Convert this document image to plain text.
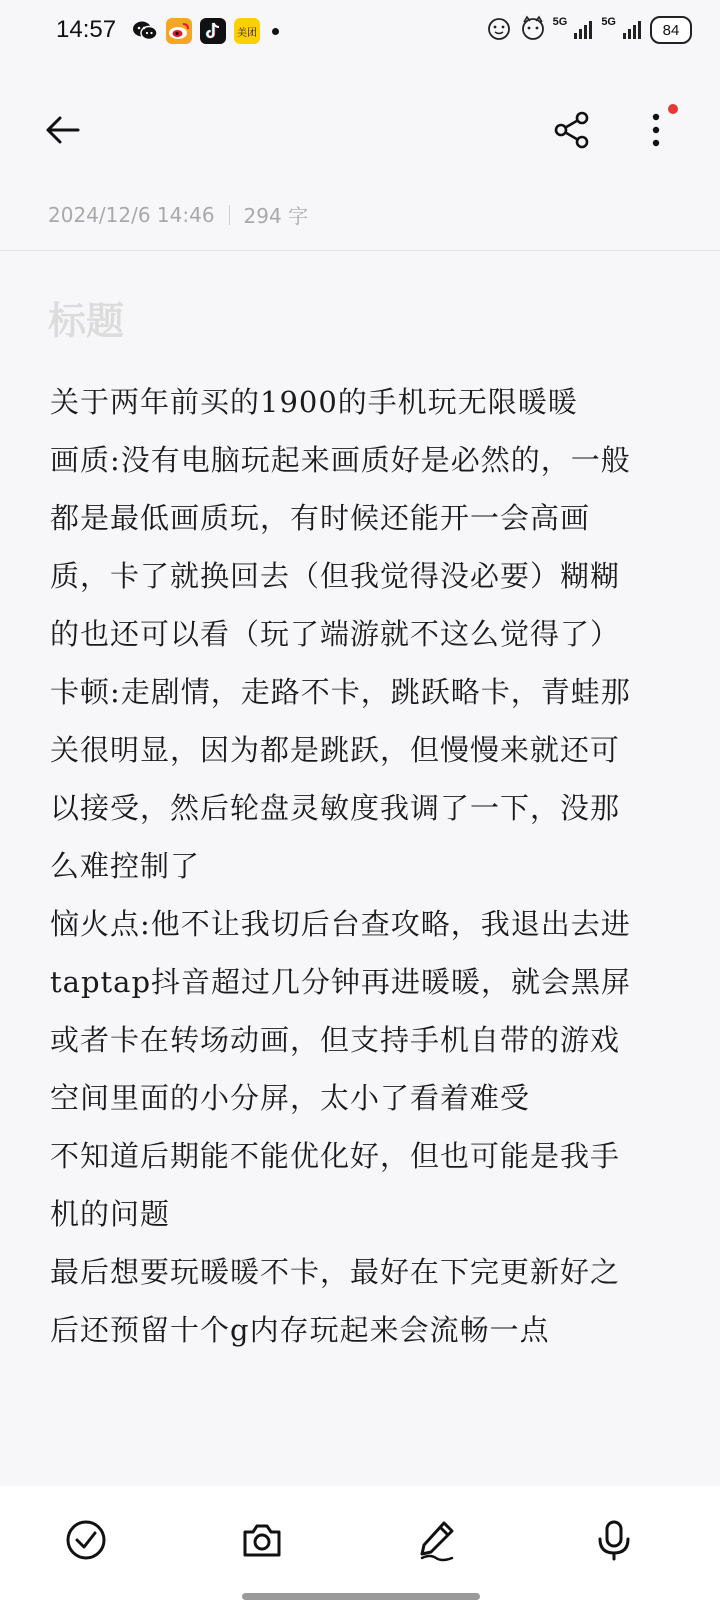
14:57	美团
5G	5G	84
2024/12/6 14:46 294 字
标题
关于两年前买的1900的手机玩无限暖暖
画质:没有电脑玩起来画质好是必然的，一般
都是最低画质玩，有时候还能开一会高画
质，卡了就换回去（但我觉得没必要）糊糊
的也还可以看（玩了端游就不这么觉得了）
卡顿:走剧情，走路不卡，跳跃略卡，青蛙那
关很明显，因为都是跳跃，但慢慢来就还可
以接受，然后轮盘灵敏度我调了一下，没那
么难控制了
恼火点:他不让我切后台查攻略，我退出去进
taptap抖音超过几分钟再进暖暖，就会黑屏
或者卡在转场动画，但支持手机自带的游戏
空间里面的小分屏，太小了看着难受
不知道后期能不能优化好，但也可能是我手
机的问题
最后想要玩暖暖不卡，最好在下完更新好之
后还预留十个g内存玩起来会流畅一点
